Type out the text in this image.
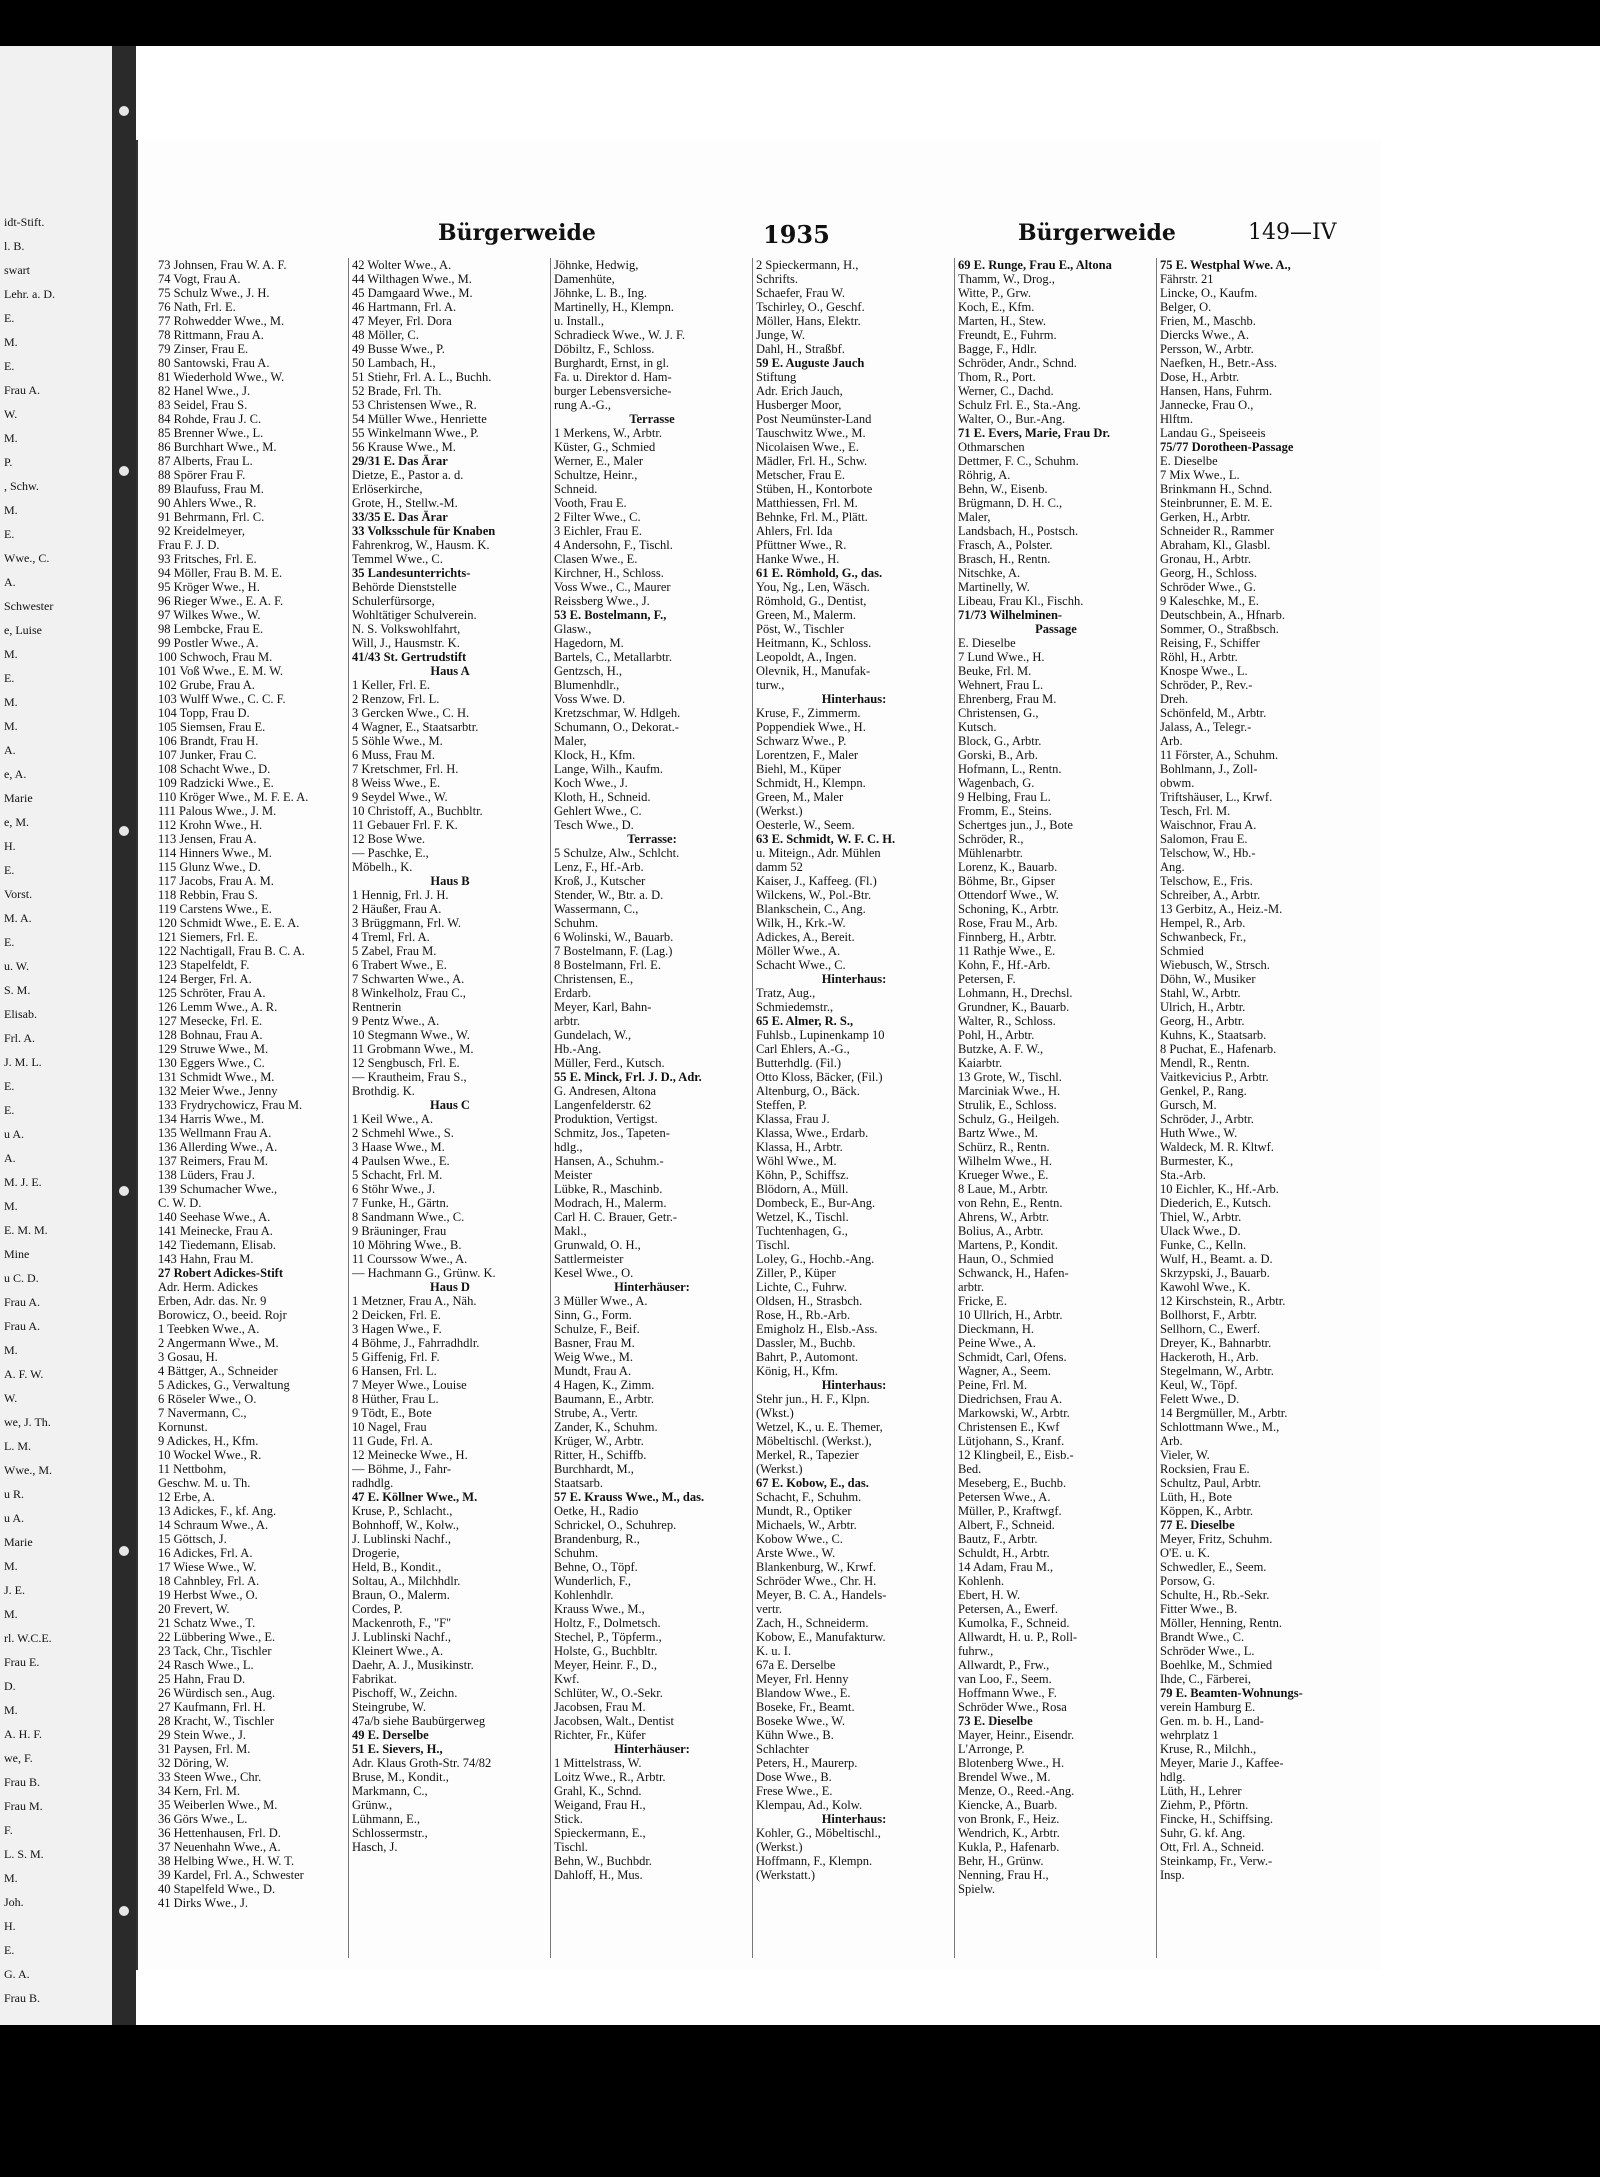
idt-Stift.
l. B.
swart
Lehr. a. D.
E.
M.
E.
Frau A.
W.
M.
P.
, Schw.
M.
E.
Wwe., C.
A.
Schwester
e, Luise
M.
E.
M.
M.
A.
e, A.
Marie
e, M.
H.
E.
Vorst.
M. A.
E.
u. W.
S. M.
Elisab.
Frl. A.
J. M. L.
E.
E.
u A.
A.
M. J. E.
M.
E. M. M.
Mine
u C. D.
Frau A.
Frau A.
M.
A. F. W.
W.
we, J. Th.
L. M.
Wwe., M.
u R.
u A.
Marie
M.
J. E.
M.
rl. W.C.E.
Frau E.
D.
M.
A. H. F.
we, F.
Frau B.
Frau M.
F.
L. S. M.
M.
Joh.
H.
E.
G. A.
Frau B.
Bürgerweide	1935	Bürgerweide	149—IV
73 Johnsen, Frau W. A. F.
74 Vogt, Frau A.
75 Schulz Wwe., J. H.
76 Nath, Frl. E.
77 Rohwedder Wwe., M.
78 Rittmann, Frau A.
79 Zinser, Frau E.
80 Santowski, Frau A.
81 Wiederhold Wwe., W.
82 Hanel Wwe., J.
83 Seidel, Frau S.
84 Rohde, Frau J. C.
85 Brenner Wwe., L.
86 Burchhart Wwe., M.
87 Alberts, Frau L.
88 Spörer Frau F.
89 Blaufuss, Frau M.
90 Ahlers Wwe., R.
91 Behrmann, Frl. C.
92 Kreidelmeyer,
Frau F. J. D.
93 Fritsches, Frl. E.
94 Möller, Frau B. M. E.
95 Kröger Wwe., H.
96 Rieger Wwe., E. A. F.
97 Wilkes Wwe., W.
98 Lembcke, Frau E.
99 Postler Wwe., A.
100 Schwoch, Frau M.
101 Voß Wwe., E. M. W.
102 Grube, Frau A.
103 Wulff Wwe., C. C. F.
104 Topp, Frau D.
105 Siemsen, Frau E.
106 Brandt, Frau H.
107 Junker, Frau C.
108 Schacht Wwe., D.
109 Radzicki Wwe., E.
110 Kröger Wwe., M. F. E. A.
111 Palous Wwe., J. M.
112 Krohn Wwe., H.
113 Jensen, Frau A.
114 Hinners Wwe., M.
115 Glunz Wwe., D.
117 Jacobs, Frau A. M.
118 Rebbin, Frau S.
119 Carstens Wwe., E.
120 Schmidt Wwe., E. E. A.
121 Siemers, Frl. E.
122 Nachtigall, Frau B. C. A.
123 Stapelfeldt, F.
124 Berger, Frl. A.
125 Schröter, Frau A.
126 Lemm Wwe., A. R.
127 Mesecke, Frl. E.
128 Bohnau, Frau A.
129 Struwe Wwe., M.
130 Eggers Wwe., C.
131 Schmidt Wwe., M.
132 Meier Wwe., Jenny
133 Frydrychowicz, Frau M.
134 Harris Wwe., M.
135 Wellmann Frau A.
136 Allerding Wwe., A.
137 Reimers, Frau M.
138 Lüders, Frau J.
139 Schumacher Wwe.,
C. W. D.
140 Seehase Wwe., A.
141 Meinecke, Frau A.
142 Tiedemann, Elisab.
143 Hahn, Frau M.
27 Robert Adickes-Stift
Adr. Herm. Adickes
Erben, Adr. das. Nr. 9
Borowicz, O., beeid. Rojr
1 Teebken Wwe., A.
2 Angermann Wwe., M.
3 Gosau, H.
4 Bättger, A., Schneider
5 Adickes, G., Verwaltung
6 Röseler Wwe., O.
7 Navermann, C.,
Kornunst.
9 Adickes, H., Kfm.
10 Wockel Wwe., R.
11 Nettbohm,
Geschw. M. u. Th.
12 Erbe, A.
13 Adickes, F., kf. Ang.
14 Schraum Wwe., A.
15 Göttsch, J.
16 Adickes, Frl. A.
17 Wiese Wwe., W.
18 Cahnbley, Frl. A.
19 Herbst Wwe., O.
20 Frevert, W.
21 Schatz Wwe., T.
22 Lübbering Wwe., E.
23 Tack, Chr., Tischler
24 Rasch Wwe., L.
25 Hahn, Frau D.
26 Würdisch sen., Aug.
27 Kaufmann, Frl. H.
28 Kracht, W., Tischler
29 Stein Wwe., J.
31 Paysen, Frl. M.
32 Döring, W.
33 Steen Wwe., Chr.
34 Kern, Frl. M.
35 Weiberlen Wwe., M.
36 Görs Wwe., L.
36 Hettenhausen, Frl. D.
37 Neuenhahn Wwe., A.
38 Helbing Wwe., H. W. T.
39 Kardel, Frl. A., Schwester
40 Stapelfeld Wwe., D.
41 Dirks Wwe., J.
42 Wolter Wwe., A.
44 Wilthagen Wwe., M.
45 Damgaard Wwe., M.
46 Hartmann, Frl. A.
47 Meyer, Frl. Dora
48 Möller, C.
49 Busse Wwe., P.
50 Lambach, H.,
51 Stiehr, Frl. A. L., Buchh.
52 Brade, Frl. Th.
53 Christensen Wwe., R.
54 Müller Wwe., Henriette
55 Winkelmann Wwe., P.
56 Krause Wwe., M.
29/31 E. Das Ärar
Dietze, E., Pastor a. d.
Erlöserkirche,
Grote, H., Stellw.-M.
33/35 E. Das Ärar
33 Volksschule für Knaben
Fahrenkrog, W., Hausm. K.
Temmel Wwe., C.
35 Landesunterrichts-
Behörde Dienststelle
Schulerfürsorge,
Wohltätiger Schulverein.
N. S. Volkswohlfahrt,
Will, J., Hausmstr. K.
41/43 St. Gertrudstift
Haus A
1 Keller, Frl. E.
2 Renzow, Frl. L.
3 Gercken Wwe., C. H.
4 Wagner, E., Staatsarbtr.
5 Söhle Wwe., M.
6 Muss, Frau M.
7 Kretschmer, Frl. H.
8 Weiss Wwe., E.
9 Seydel Wwe., W.
10 Christoff, A., Buchbltr.
11 Gebauer Frl. F. K.
12 Bose Wwe.
— Paschke, E.,
Möbelh., K.
Haus B
1 Hennig, Frl. J. H.
2 Häußer, Frau A.
3 Brüggmann, Frl. W.
4 Treml, Frl. A.
5 Zabel, Frau M.
6 Trabert Wwe., E.
7 Schwarten Wwe., A.
8 Winkelholz, Frau C.,
Rentnerin
9 Pentz Wwe., A.
10 Stegmann Wwe., W.
11 Grobmann Wwe., M.
12 Sengbusch, Frl. E.
— Krautheim, Frau S.,
Brothdig. K.
Haus C
1 Keil Wwe., A.
2 Schmehl Wwe., S.
3 Haase Wwe., M.
4 Paulsen Wwe., E.
5 Schacht, Frl. M.
6 Stöhr Wwe., J.
7 Funke, H., Gärtn.
8 Sandmann Wwe., C.
9 Bräuninger, Frau
10 Möhring Wwe., B.
11 Courssow Wwe., A.
— Hachmann G., Grünw. K.
Haus D
1 Metzner, Frau A., Näh.
2 Deicken, Frl. E.
3 Hagen Wwe., F.
4 Böhme, J., Fahrradhdlr.
5 Giffenig, Frl. F.
6 Hansen, Frl. L.
7 Meyer Wwe., Louise
8 Hüther, Frau L.
9 Tödt, E., Bote
10 Nagel, Frau
11 Gude, Frl. A.
12 Meinecke Wwe., H.
— Böhme, J., Fahr-
radhdlg.
47 E. Köllner Wwe., M.
Kruse, P., Schlacht.,
Bohnhoff, W., Kolw.,
J. Lublinski Nachf.,
Drogerie,
Held, B., Kondit.,
Soltau, A., Milchhdlr.
Braun, O., Malerm.
Cordes, P.
Mackenroth, F., "F"
J. Lublinski Nachf.,
Kleinert Wwe., A.
Daehr, A. J., Musikinstr.
Fabrikat.
Pischoff, W., Zeichn.
Steingrube, W.
47a/b siehe Baubürgerweg
49 E. Derselbe
51 E. Sievers, H.,
Adr. Klaus Groth-Str. 74/82
Bruse, M., Kondit.,
Markmann, C.,
Grünw.,
Lühmann, E.,
Schlossermstr.,
Hasch, J.
Jöhnke, Hedwig,
Damenhüte,
Jöhnke, L. B., Ing.
Martinelly, H., Klempn.
u. Install.,
Schradieck Wwe., W. J. F.
Döbiltz, F., Schloss.
Burghardt, Ernst, in gl.
Fa. u. Direktor d. Ham-
burger Lebensversiche-
rung A.-G.,
Terrasse
1 Merkens, W., Arbtr.
Küster, G., Schmied
Werner, E., Maler
Schultze, Heinr.,
Schneid.
Vooth, Frau E.
2 Filter Wwe., C.
3 Eichler, Frau E.
4 Andersohn, F., Tischl.
Clasen Wwe., E.
Kirchner, H., Schloss.
Voss Wwe., C., Maurer
Reissberg Wwe., J.
53 E. Bostelmann, F.,
Glasw.,
Hagedorn, M.
Bartels, C., Metallarbtr.
Gentzsch, H.,
Blumenhdlr.,
Voss Wwe. D.
Kretzschmar, W. Hdlgeh.
Schumann, O., Dekorat.-
Maler,
Klock, H., Kfm.
Lange, Wilh., Kaufm.
Koch Wwe., J.
Kloth, H., Schneid.
Gehlert Wwe., C.
Tesch Wwe., D.
Terrasse:
5 Schulze, Alw., Schlcht.
Lenz, F., Hf.-Arb.
Kroß, J., Kutscher
Stender, W., Btr. a. D.
Wassermann, C.,
Schuhm.
6 Wolinski, W., Bauarb.
7 Bostelmann, F. (Lag.)
8 Bostelmann, Frl. E.
Christensen, E.,
Erdarb.
Meyer, Karl, Bahn-
arbtr.
Gundelach, W.,
Hb.-Ang.
Müller, Ferd., Kutsch.
55 E. Minck, Frl. J. D., Adr.
G. Andresen, Altona
Langenfelderstr. 62
Produktion, Vertigst.
Schmitz, Jos., Tapeten-
hdlg.,
Hansen, A., Schuhm.-
Meister
Lübke, R., Maschinb.
Modrach, H., Malerm.
Carl H. C. Brauer, Getr.-
Makl.,
Grunwald, O. H.,
Sattlermeister
Kesel Wwe., O.
Hinterhäuser:
3 Müller Wwe., A.
Sinn, G., Form.
Schulze, F., Beif.
Basner, Frau M.
Weig Wwe., M.
Mundt, Frau A.
4 Hagen, K., Zimm.
Baumann, E., Arbtr.
Strube, A., Vertr.
Zander, K., Schuhm.
Krüger, W., Arbtr.
Ritter, H., Schiffb.
Burchhardt, M.,
Staatsarb.
57 E. Krauss Wwe., M., das.
Oetke, H., Radio
Schrickel, O., Schuhrep.
Brandenburg, R.,
Schuhm.
Behne, O., Töpf.
Wunderlich, F.,
Kohlenhdlr.
Krauss Wwe., M.,
Holtz, F., Dolmetsch.
Stechel, P., Töpferm.,
Holste, G., Buchbltr.
Meyer, Heinr. F., D.,
Kwf.
Schlüter, W., O.-Sekr.
Jacobsen, Frau M.
Jacobsen, Walt., Dentist
Richter, Fr., Küfer
Hinterhäuser:
1 Mittelstrass, W.
Loitz Wwe., R., Arbtr.
Grahl, K., Schnd.
Weigand, Frau H.,
Stick.
Spieckermann, E.,
Tischl.
Behn, W., Buchbdr.
Dahloff, H., Mus.
2 Spieckermann, H.,
Schrifts.
Schaefer, Frau W.
Tschirley, O., Geschf.
Möller, Hans, Elektr.
Junge, W.
Dahl, H., Straßbf.
59 E. Auguste Jauch
Stiftung
Adr. Erich Jauch,
Husberger Moor,
Post Neumünster-Land
Tauschwitz Wwe., M.
Nicolaisen Wwe., E.
Mädler, Frl. H., Schw.
Metscher, Frau E.
Stüben, H., Kontorbote
Matthiessen, Frl. M.
Behnke, Frl. M., Plätt.
Ahlers, Frl. Ida
Pfüttner Wwe., R.
Hanke Wwe., H.
61 E. Römhold, G., das.
You, Ng., Len, Wäsch.
Römhold, G., Dentist,
Green, M., Malerm.
Pöst, W., Tischler
Heitmann, K., Schloss.
Leopoldt, A., Ingen.
Olevnik, H., Manufak-
turw.,
Hinterhaus:
Kruse, F., Zimmerm.
Poppendiek Wwe., H.
Schwarz Wwe., P.
Lorentzen, F., Maler
Biehl, M., Küper
Schmidt, H., Klempn.
Green, M., Maler
(Werkst.)
Oesterle, W., Seem.
63 E. Schmidt, W. F. C. H.
u. Miteign., Adr. Mühlen
damm 52
Kaiser, J., Kaffeeg. (Fl.)
Wilckens, W., Pol.-Btr.
Blankschein, C., Ang.
Wilk, H., Krk.-W.
Adickes, A., Bereit.
Möller Wwe., A.
Schacht Wwe., C.
Hinterhaus:
Tratz, Aug.,
Schmiedemstr.,
65 E. Almer, R. S.,
Fuhlsb., Lupinenkamp 10
Carl Ehlers, A.-G.,
Butterhdlg. (Fil.)
Otto Kloss, Bäcker, (Fil.)
Altenburg, O., Bäck.
Steffen, P.
Klassa, Frau J.
Klassa, Wwe., Erdarb.
Klassa, H., Arbtr.
Wöhl Wwe., M.
Köhn, P., Schiffsz.
Blödorn, A., Müll.
Dombeck, E., Bur-Ang.
Wetzel, K., Tischl.
Tuchtenhagen, G.,
Tischl.
Loley, G., Hochb.-Ang.
Ziller, P., Küper
Lichte, C., Fuhrw.
Oldsen, H., Strasbch.
Rose, H., Rb.-Arb.
Emigholz H., Elsb.-Ass.
Dassler, M., Buchb.
Bahrt, P., Automont.
König, H., Kfm.
Hinterhaus:
Stehr jun., H. F., Klpn.
(Wkst.)
Wetzel, K., u. E. Themer,
Möbeltischl. (Werkst.),
Merkel, R., Tapezier
(Werkst.)
67 E. Kobow, E., das.
Schacht, F., Schuhm.
Mundt, R., Optiker
Michaels, W., Arbtr.
Kobow Wwe., C.
Arste Wwe., W.
Blankenburg, W., Krwf.
Schröder Wwe., Chr. H.
Meyer, B. C. A., Handels-
vertr.
Zach, H., Schneiderm.
Kobow, E., Manufakturw.
K. u. I.
67a E. Derselbe
Meyer, Frl. Henny
Blandow Wwe., E.
Boseke, Fr., Beamt.
Boseke Wwe., W.
Kühn Wwe., B.
Schlachter
Peters, H., Maurerp.
Dose Wwe., B.
Frese Wwe., E.
Klempau, Ad., Kolw.
Hinterhaus:
Kohler, G., Möbeltischl.,
(Werkst.)
Hoffmann, F., Klempn.
(Werkstatt.)
69 E. Runge, Frau E., Altona
Thamm, W., Drog.,
Witte, P., Grw.
Koch, E., Kfm.
Marten, H., Stew.
Freundt, E., Fuhrm.
Bagge, F., Hdlr.
Schröder, Andr., Schnd.
Thom, R., Port.
Werner, C., Dachd.
Schulz Frl. E., Sta.-Ang.
Walter, O., Bur.-Ang.
71 E. Evers, Marie, Frau Dr.
Othmarschen
Dettmer, F. C., Schuhm.
Röhrig, A.
Behn, W., Eisenb.
Brügmann, D. H. C.,
Maler,
Landsbach, H., Postsch.
Frasch, A., Polster.
Brasch, H., Rentn.
Nitschke, A.
Martinelly, W.
Libeau, Frau Kl., Fischh.
71/73 Wilhelminen-
Passage
E. Dieselbe
7 Lund Wwe., H.
Beuke, Frl. M.
Wehnert, Frau L.
Ehrenberg, Frau M.
Christensen, G.,
Kutsch.
Block, G., Arbtr.
Gorski, B., Arb.
Hofmann, L., Rentn.
Wagenbach, G.
9 Helbing, Frau L.
Fromm, E., Steins.
Schertges jun., J., Bote
Schröder, R.,
Mühlenarbtr.
Lorenz, K., Bauarb.
Böhme, Br., Gipser
Ottendorf Wwe., W.
Schoning, K., Arbtr.
Rose, Frau M., Arb.
Finnberg, H., Arbtr.
11 Rathje Wwe., E.
Kohn, F., Hf.-Arb.
Petersen, F.
Lohmann, H., Drechsl.
Grundner, K., Bauarb.
Walter, R., Schloss.
Pohl, H., Arbtr.
Butzke, A. F. W.,
Kaiarbtr.
13 Grote, W., Tischl.
Marciniak Wwe., H.
Strulik, E., Schloss.
Schulz, G., Heilgeh.
Bartz Wwe., M.
Schürz, R., Rentn.
Wilhelm Wwe., H.
Krueger Wwe., E.
8 Laue, M., Arbtr.
von Rehn, E., Rentn.
Ahrens, W., Arbtr.
Bolius, A., Arbtr.
Martens, P., Kondit.
Haun, O., Schmied
Schwanck, H., Hafen-
arbtr.
Fricke, E.
10 Ullrich, H., Arbtr.
Dieckmann, H.
Peine Wwe., A.
Schmidt, Carl, Ofens.
Wagner, A., Seem.
Peine, Frl. M.
Diedrichsen, Frau A.
Markowski, W., Arbtr.
Christensen E., Kwf
Lütjohann, S., Kranf.
12 Klingbeil, E., Eisb.-
Bed.
Meseberg, E., Buchb.
Petersen Wwe., A.
Müller, P., Kraftwgf.
Albert, F., Schneid.
Bautz, F., Arbtr.
Schuldt, H., Arbtr.
14 Adam, Frau M.,
Kohlenh.
Ebert, H. W.
Petersen, A., Ewerf.
Kumolka, F., Schneid.
Allwardt, H. u. P., Roll-
fuhrw.,
Allwardt, P., Frw.,
van Loo, F., Seem.
Hoffmann Wwe., F.
Schröder Wwe., Rosa
73 E. Dieselbe
Mayer, Heinr., Eisendr.
L'Arronge, P.
Blotenberg Wwe., H.
Brendel Wwe., M.
Menze, O., Reed.-Ang.
Kiencke, A., Buarb.
von Bronk, F., Heiz.
Wendrich, K., Arbtr.
Kukla, P., Hafenarb.
Behr, H., Grünw.
Nenning, Frau H.,
Spielw.
75 E. Westphal Wwe. A.,
Fährstr. 21
Lincke, O., Kaufm.
Belger, O.
Frien, M., Maschb.
Diercks Wwe., A.
Persson, W., Arbtr.
Naefken, H., Betr.-Ass.
Dose, H., Arbtr.
Hansen, Hans, Fuhrm.
Jannecke, Frau O.,
Hlftm.
Landau G., Speiseeis
75/77 Dorotheen-Passage
E. Dieselbe
7 Mix Wwe., L.
Brinkmann H., Schnd.
Steinbrunner, E. M. E.
Gerken, H., Arbtr.
Schneider R., Rammer
Abraham, Kl., Glasbl.
Gronau, H., Arbtr.
Georg, H., Schloss.
Schröder Wwe., G.
9 Kaleschke, M., E.
Deutschbein, A., Hfnarb.
Sommer, O., Straßbsch.
Reising, F., Schiffer
Röhl, H., Arbtr.
Knospe Wwe., L.
Schröder, P., Rev.-
Dreh.
Schönfeld, M., Arbtr.
Jalass, A., Telegr.-
Arb.
11 Förster, A., Schuhm.
Bohlmann, J., Zoll-
obwm.
Triftshäuser, L., Krwf.
Tesch, Frl. M.
Waischnor, Frau A.
Salomon, Frau E.
Telschow, W., Hb.-
Ang.
Telschow, E., Fris.
Schreiber, A., Arbtr.
13 Gerbitz, A., Heiz.-M.
Hempel, R., Arb.
Schwanbeck, Fr.,
Schmied
Wiebusch, W., Strsch.
Döhn, W., Musiker
Stahl, W., Arbtr.
Ulrich, H., Arbtr.
Georg, H., Arbtr.
Kuhns, K., Staatsarb.
8 Puchat, E., Hafenarb.
Mendl, R., Rentn.
Vaitkevicius P., Arbtr.
Genkel, P., Rang.
Gursch, M.
Schröder, J., Arbtr.
Huth Wwe., W.
Waldeck, M. R. Kltwf.
Burmester, K.,
Sta.-Arb.
10 Eichler, K., Hf.-Arb.
Diederich, E., Kutsch.
Thiel, W., Arbtr.
Ulack Wwe., D.
Funke, C., Kelln.
Wulf, H., Beamt. a. D.
Skrzypski, J., Bauarb.
Kawohl Wwe., K.
12 Kirschstein, R., Arbtr.
Bollhorst, F., Arbtr.
Sellhorn, C., Ewerf.
Dreyer, K., Bahnarbtr.
Hackeroth, H., Arb.
Stegelmann, W., Arbtr.
Keul, W., Töpf.
Felett Wwe., D.
14 Bergmüller, M., Arbtr.
Schlottmann Wwe., M.,
Arb.
Vieler, W.
Rocksien, Frau E.
Schultz, Paul, Arbtr.
Lüth, H., Bote
Köppen, K., Arbtr.
77 E. Dieselbe
Meyer, Fritz, Schuhm.
O'E. u. K.
Schwedler, E., Seem.
Porsow, G.
Schulte, H., Rb.-Sekr.
Fitter Wwe., B.
Möller, Henning, Rentn.
Brandt Wwe., C.
Schröder Wwe., L.
Boehlke, M., Schmied
Ihde, C., Färberei,
79 E. Beamten-Wohnungs-
verein Hamburg E.
Gen. m. b. H., Land-
wehrplatz 1
Kruse, R., Milchh.,
Meyer, Marie J., Kaffee-
hdlg.
Lüth, H., Lehrer
Ziehm, P., Pförtn.
Fincke, H., Schiffsing.
Suhr, G. kf. Ang.
Ott, Frl. A., Schneid.
Steinkamp, Fr., Verw.-
Insp.
